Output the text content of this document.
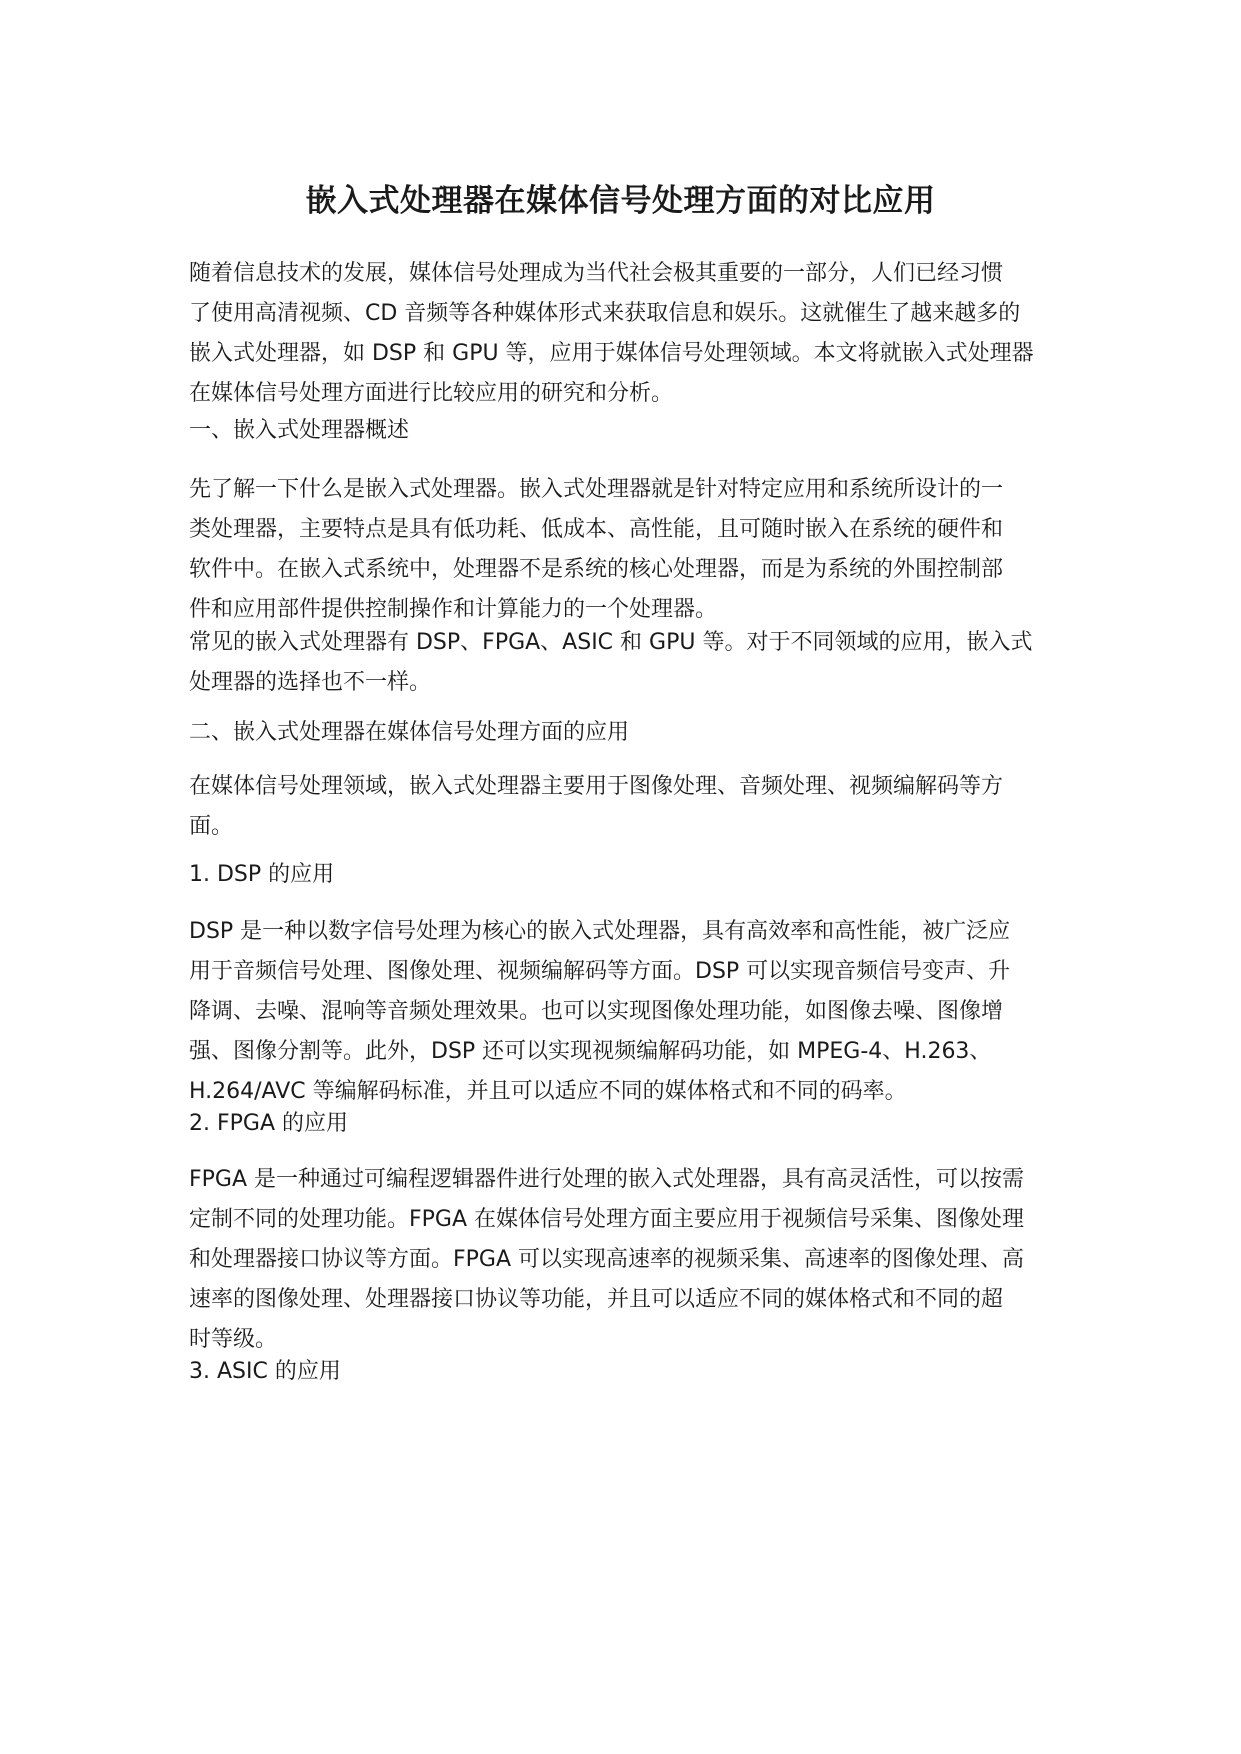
嵌入式处理器在媒体信号处理方面的对比应用

随着信息技术的发展，媒体信号处理成为当代社会极其重要的一部分，人们已经习惯
了使用高清视频、CD 音频等各种媒体形式来获取信息和娱乐。这就催生了越来越多的
嵌入式处理器，如 DSP 和 GPU 等，应用于媒体信号处理领域。本文将就嵌入式处理器
在媒体信号处理方面进行比较应用的研究和分析。

一、嵌入式处理器概述

先了解一下什么是嵌入式处理器。嵌入式处理器就是针对特定应用和系统所设计的一
类处理器，主要特点是具有低功耗、低成本、高性能，且可随时嵌入在系统的硬件和
软件中。在嵌入式系统中，处理器不是系统的核心处理器，而是为系统的外围控制部
件和应用部件提供控制操作和计算能力的一个处理器。

常见的嵌入式处理器有 DSP、FPGA、ASIC 和 GPU 等。对于不同领域的应用，嵌入式
处理器的选择也不一样。

二、嵌入式处理器在媒体信号处理方面的应用

在媒体信号处理领域，嵌入式处理器主要用于图像处理、音频处理、视频编解码等方
面。

1. DSP 的应用

DSP 是一种以数字信号处理为核心的嵌入式处理器，具有高效率和高性能，被广泛应
用于音频信号处理、图像处理、视频编解码等方面。DSP 可以实现音频信号变声、升
降调、去噪、混响等音频处理效果。也可以实现图像处理功能，如图像去噪、图像增
强、图像分割等。此外，DSP 还可以实现视频编解码功能，如 MPEG-4、H.263、
H.264/AVC 等编解码标准，并且可以适应不同的媒体格式和不同的码率。

2. FPGA 的应用

FPGA 是一种通过可编程逻辑器件进行处理的嵌入式处理器，具有高灵活性，可以按需
定制不同的处理功能。FPGA 在媒体信号处理方面主要应用于视频信号采集、图像处理
和处理器接口协议等方面。FPGA 可以实现高速率的视频采集、高速率的图像处理、高
速率的图像处理、处理器接口协议等功能，并且可以适应不同的媒体格式和不同的超
时等级。

3. ASIC 的应用
